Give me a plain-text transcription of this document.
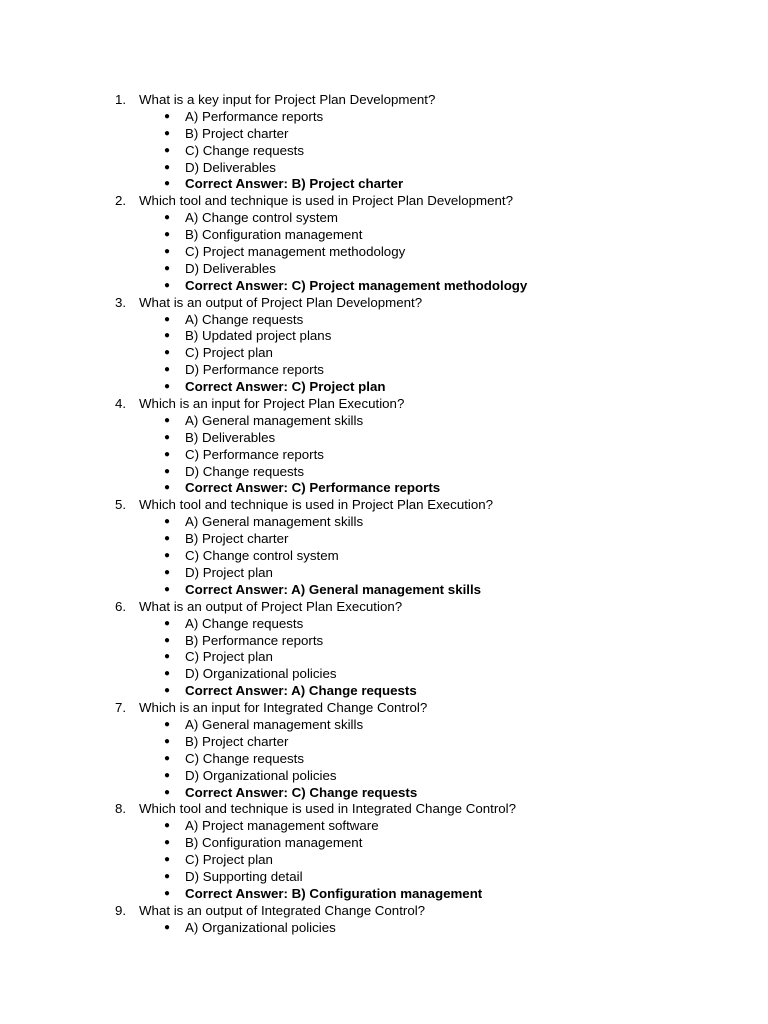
1. What is a key input for Project Plan Development?
● A) Performance reports
● B) Project charter
● C) Change requests
● D) Deliverables
● Correct Answer: B) Project charter
2. Which tool and technique is used in Project Plan Development?
● A) Change control system
● B) Configuration management
● C) Project management methodology
● D) Deliverables
● Correct Answer: C) Project management methodology
3. What is an output of Project Plan Development?
● A) Change requests
● B) Updated project plans
● C) Project plan
● D) Performance reports
● Correct Answer: C) Project plan
4. Which is an input for Project Plan Execution?
● A) General management skills
● B) Deliverables
● C) Performance reports
● D) Change requests
● Correct Answer: C) Performance reports
5. Which tool and technique is used in Project Plan Execution?
● A) General management skills
● B) Project charter
● C) Change control system
● D) Project plan
● Correct Answer: A) General management skills
6. What is an output of Project Plan Execution?
● A) Change requests
● B) Performance reports
● C) Project plan
● D) Organizational policies
● Correct Answer: A) Change requests
7. Which is an input for Integrated Change Control?
● A) General management skills
● B) Project charter
● C) Change requests
● D) Organizational policies
● Correct Answer: C) Change requests
8. Which tool and technique is used in Integrated Change Control?
● A) Project management software
● B) Configuration management
● C) Project plan
● D) Supporting detail
● Correct Answer: B) Configuration management
9. What is an output of Integrated Change Control?
● A) Organizational policies
